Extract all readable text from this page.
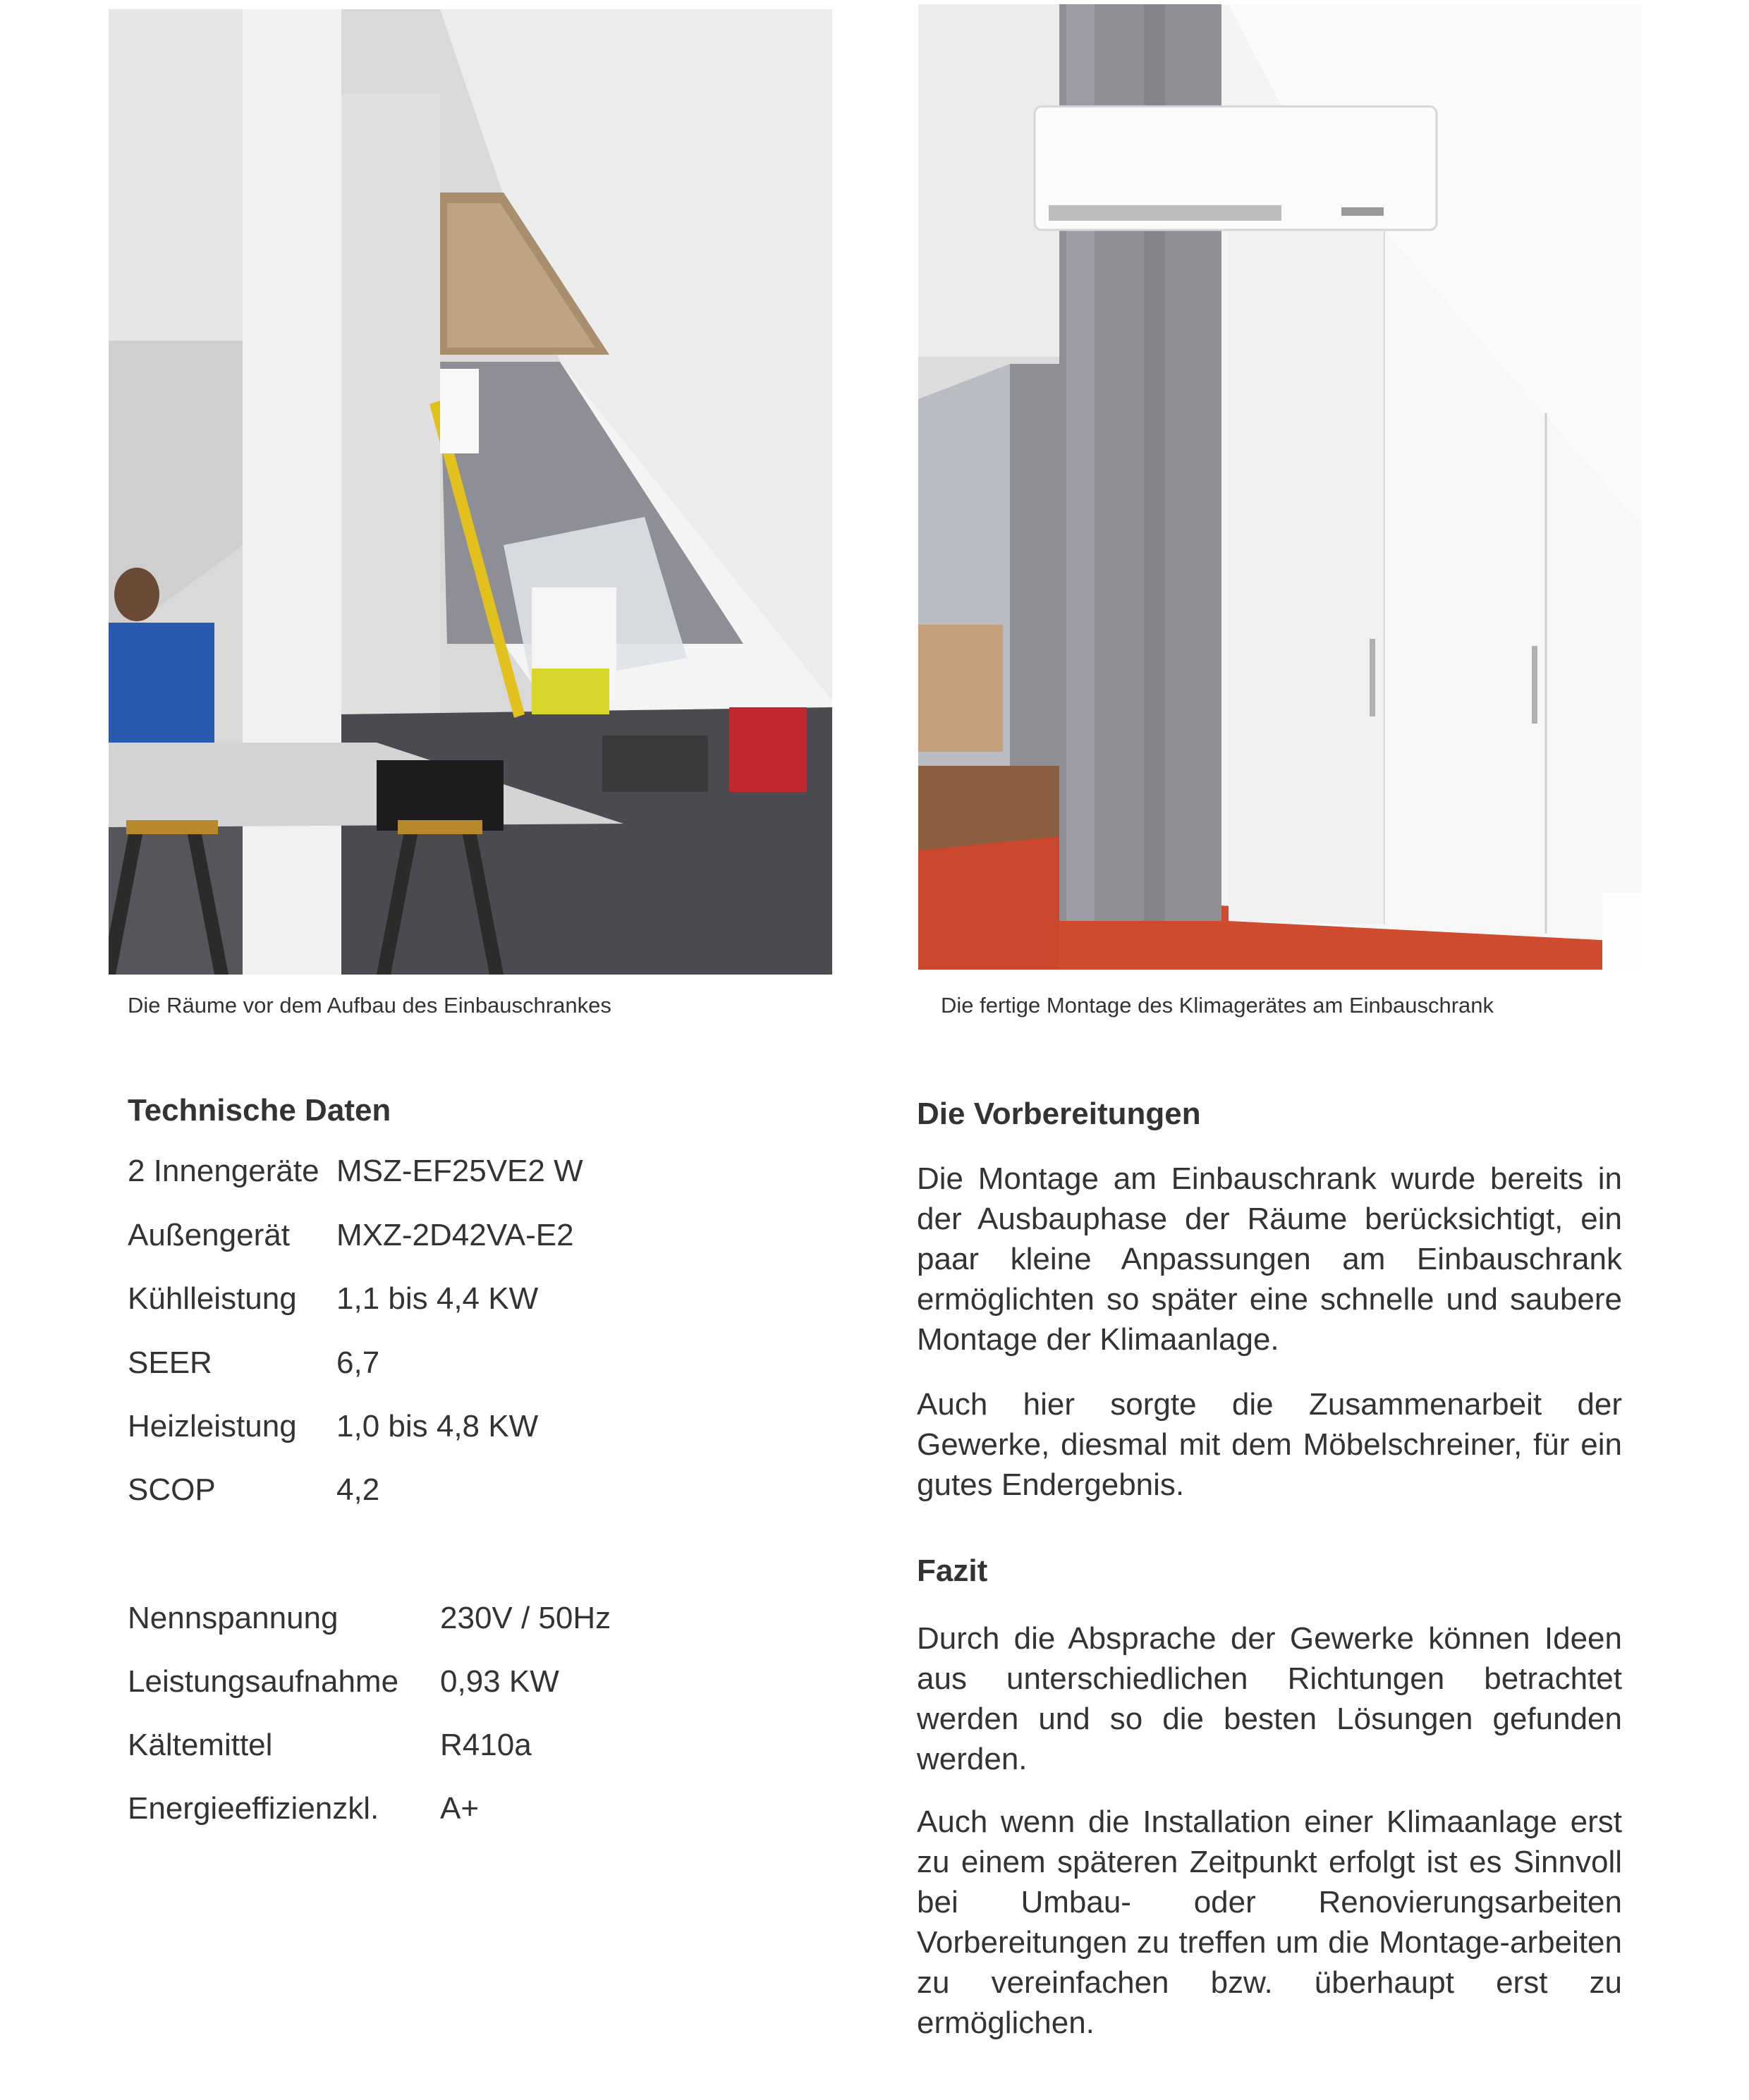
Die Räume vor dem Aufbau des Einbauschrankes	Die fertige Montage des Klimagerätes am Einbauschrank
Technische Daten
2 Innengeräte MSZ-EF25VE2 W
Außengerät MXZ-2D42VA-E2
Kühlleistung 1,1 bis 4,4 KW
SEER	6,7
Heizleistung 1,0 bis 4,8 KW
SCOP	4,2
Nennspannung	230V / 50Hz
Leistungsaufnahme 0,93 KW
Kältemittel	R410a
Energieeffizienzkl. A+
Die Vorbereitungen

Die Montage am Einbauschrank wurde bereits in der Ausbauphase der Räume berücksichtigt, ein paar kleine Anpassungen am Einbauschrank ermöglichten so später eine schnelle und saubere Montage der Klimaanlage.

Auch hier sorgte die Zusammenarbeit der Gewerke, diesmal mit dem Möbelschreiner, für ein gutes Endergebnis.

Fazit

Durch die Absprache der Gewerke können Ideen aus unterschiedlichen Richtungen betrachtet werden und so die besten Lösungen gefunden werden.

Auch wenn die Installation einer Klimaanlage erst zu einem späteren Zeitpunkt erfolgt ist es Sinnvoll bei Umbau- oder Renovierungsarbeiten Vorbereitungen zu treffen um die Montage-arbeiten zu vereinfachen bzw. überhaupt erst zu ermöglichen.
